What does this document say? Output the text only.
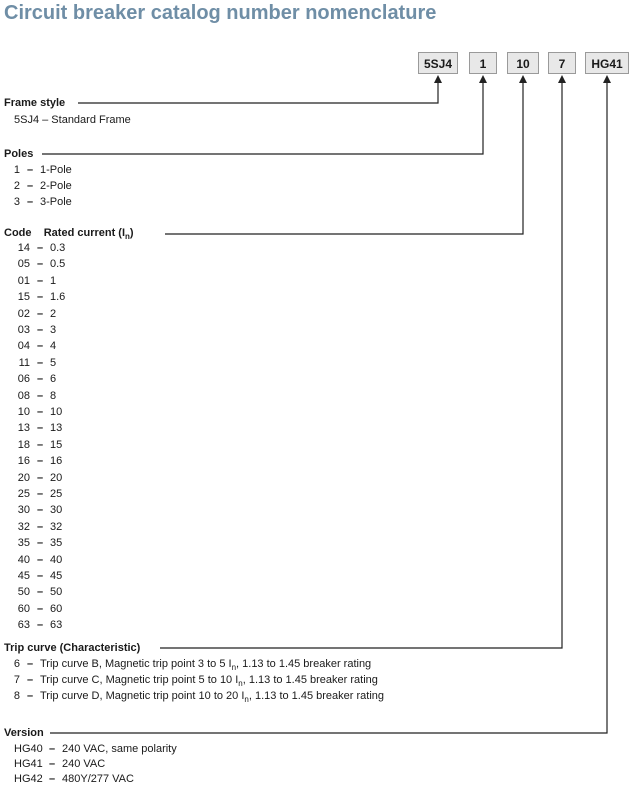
Circuit breaker catalog number nomenclature
5SJ4	1	10	7	HG41
Frame style
5SJ4 – Standard Frame
Poles
1 – 1-Pole
2 – 2-Pole
3 – 3-Pole
Code Rated current $(I_n)$
14 – 0.3
05 – 0.5
01 – 1
15 – 1.6
02 – 2
03 – 3
04 – 4
11 – 5
06 – 6
08 – 8
10 – 10
13 – 13
18 – 15
16 – 16
20 – 20
25 – 25
30 – 30
32 – 32
35 – 35
40 – 40
45 – 45
50 – 50
60 – 60
63 – 63
Trip curve (Characteristic)
6 – Trip curve B, Magnetic trip point 3 to 5 $I_n$, 1.13 to 1.45 breaker rating
7 – Trip curve C, Magnetic trip point 5 to 10 $I_n$, 1.13 to 1.45 breaker rating
8 – Trip curve D, Magnetic trip point 10 to 20 $I_n$, 1.13 to 1.45 breaker rating
Version
HG40 – 240 VAC, same polarity
HG41 – 240 VAC
HG42 – 480Y/277 VAC
